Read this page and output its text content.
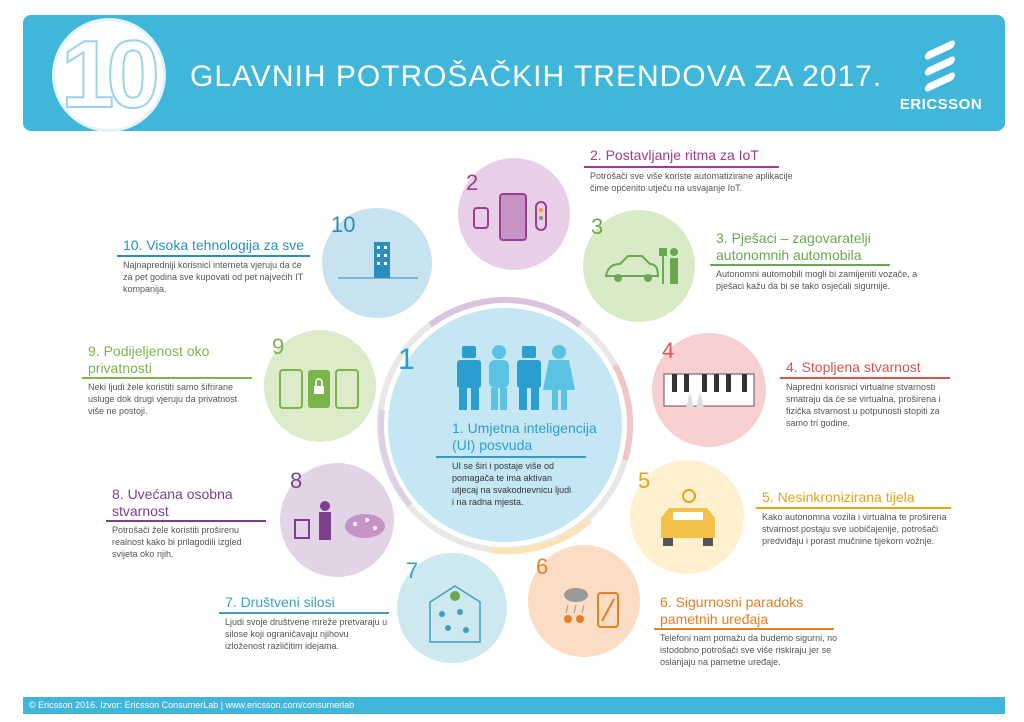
10 GLAVNIH POTROŠAČKIH TRENDOVA ZA 2017.
ERICSSON
1
1. Umjetna inteligencija (UI) posvuda
UI se širi i postaje više od pomagača te ima aktivan utjecaj na svakodnevnicu ljudi i na radna mjesta.
2
2. Postavljanje ritma za IoT
Potrošači sve više koriste automatizirane aplikacije čime općenito utječu na usvajanje IoT.
3	3. Pješaci – zagovaratelji autonomnih automobila
Autonomni automobili mogli bi zamijeniti vozače, a pješaci kažu da bi se tako osjećali sigurnije.
4
4. Stopljena stvarnost
Napredni korisnici virtualne stvarnosti smatraju da će se virtualna, proširena i fizička stvarnost u potpunosti stopiti za samo tri godine.
5
5. Nesinkronizirana tijela
Kako autonomna vozila i virtualna te proširena stvarnost postaju sve uobičajenije, potrošači predviđaju i porast mučnine tijekom vožnje.
6
6. Sigurnosni paradoks pametnih uređaja
Telefoni nam pomažu da budemo sigurni, no istodobno potrošači sve više riskiraju jer se oslanjaju na pametne uređaje.
7
7. Društveni silosi
Ljudi svoje društvene mreže pretvaraju u silose koji ograničavaju njihovu izloženost različitim idejama.
8
8. Uvećana osobna stvarnost
Potrošači žele koristiti proširenu realnost kako bi prilagodili izgled svijeta oko njih.
9
9. Podijeljenost oko privatnosti
Neki ljudi žele koristiti samo šifrirane usluge dok drugi vjeruju da privatnost više ne postoji.
10
10. Visoka tehnologija za sve
Najnapredniji korisnici interneta vjeruju da će za pet godina sve kupovati od pet najvećih IT kompanija.
© Ericsson 2016. Izvor: Ericsson ConsumerLab | www.ericsson.com/consumerlab
